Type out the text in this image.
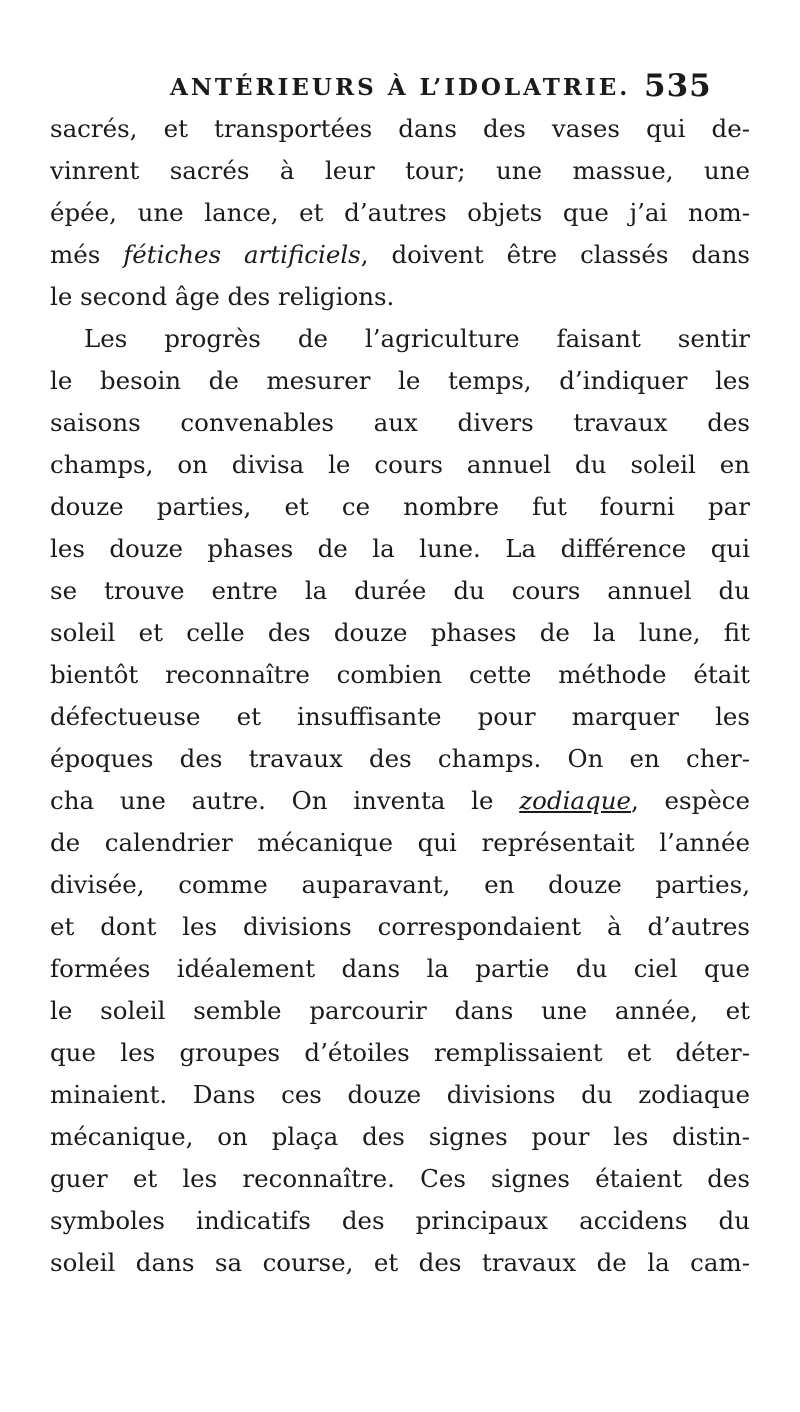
ANTÉRIEURS À L’IDOLATRIE. 535
sacrés, et transportées dans des vases qui de-
vinrent sacrés à leur tour; une massue, une
épée, une lance, et d’autres objets que j’ai nom-
més fétiches artificiels, doivent être classés dans
le second âge des religions.
Les progrès de l’agriculture faisant sentir
le besoin de mesurer le temps, d’indiquer les
saisons convenables aux divers travaux des
champs, on divisa le cours annuel du soleil en
douze parties, et ce nombre fut fourni par
les douze phases de la lune. La différence qui
se trouve entre la durée du cours annuel du
soleil et celle des douze phases de la lune, fit
bientôt reconnaître combien cette méthode était
défectueuse et insuffisante pour marquer les
époques des travaux des champs. On en cher-
cha une autre. On inventa le zodiaque, espèce
de calendrier mécanique qui représentait l’année
divisée, comme auparavant, en douze parties,
et dont les divisions correspondaient à d’autres
formées idéalement dans la partie du ciel que
le soleil semble parcourir dans une année, et
que les groupes d’étoiles remplissaient et déter-
minaient. Dans ces douze divisions du zodiaque
mécanique, on plaça des signes pour les distin-
guer et les reconnaître. Ces signes étaient des
symboles indicatifs des principaux accidens du
soleil dans sa course, et des travaux de la cam-
